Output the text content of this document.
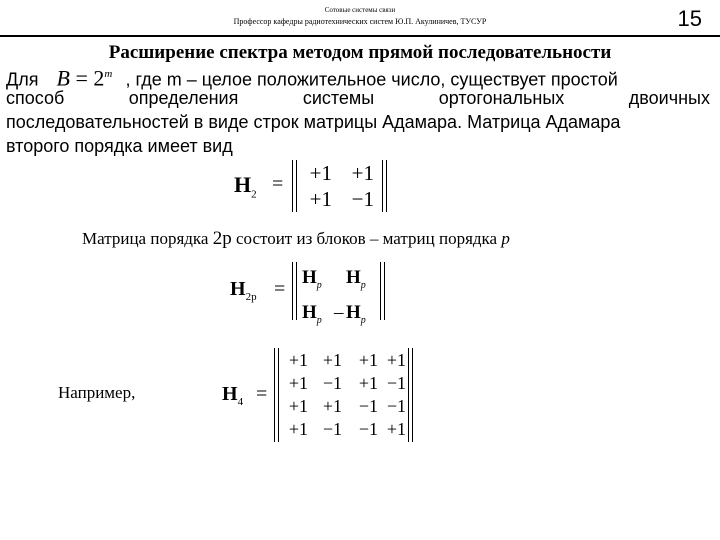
Сотовые системы связи
Профессор кафедры радиотехнических систем Ю.П. Акулиничев, ТУСУР	15
Расширение спектра методом прямой последовательности
Для $B = 2^m$ , где m – целое положительное число, существует простой
способ	определения	системы	ортогональных	двоичных
последовательностей в виде строк матрицы Адамара. Матрица Адамара
второго порядка имеет вид
$H_2$ =	+1 +1
+1 −1
Матрица порядка 2p состоит из блоков – матриц порядка p
$H_{2p}$ =
$H_p$	$H_p$
$H_p - H_p$
Например,	$H_4$ =
+1 +1 +1 +1
+1 −1 +1 −1
+1 +1 −1 −1
+1 −1 −1 +1
